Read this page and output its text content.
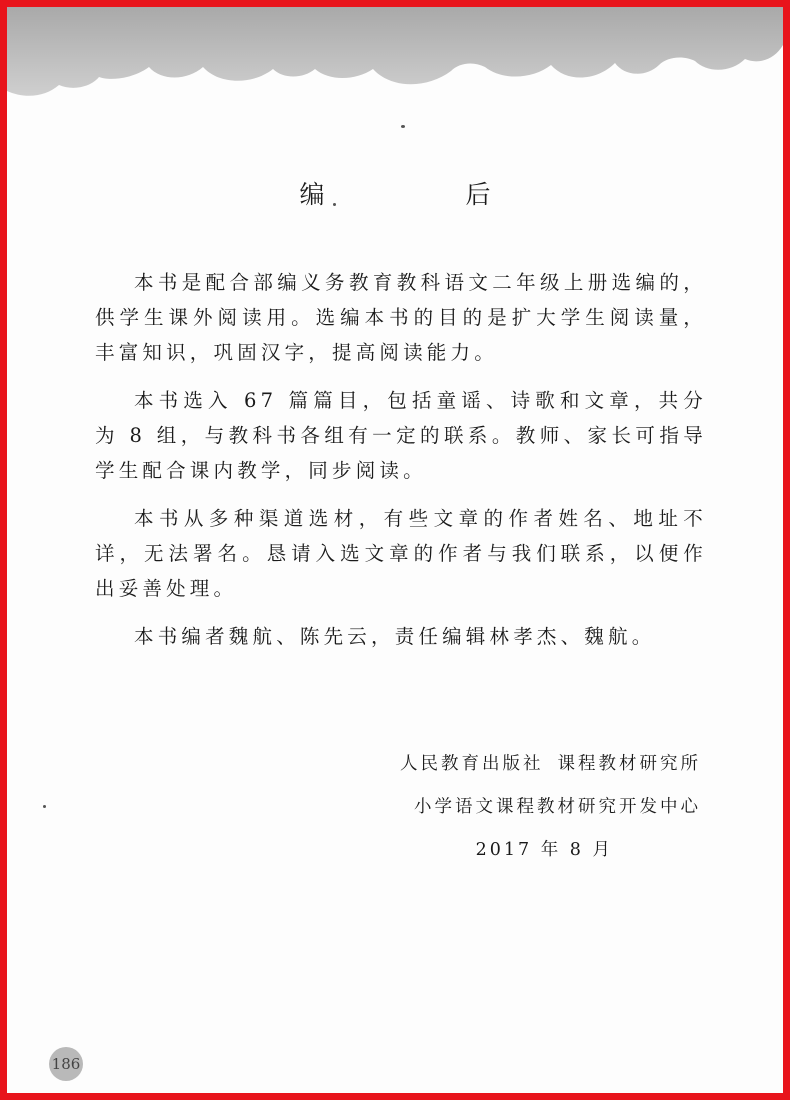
编　后

本书是配合部编义务教育教科语文二年级上册选编的，供学生课外阅读用。选编本书的目的是扩大学生阅读量，丰富知识，巩固汉字，提高阅读能力。

本书选入 67 篇篇目，包括童谣、诗歌和文章，共分为 8 组，与教科书各组有一定的联系。教师、家长可指导学生配合课内教学，同步阅读。

本书从多种渠道选材，有些文章的作者姓名、地址不详，无法署名。恳请入选文章的作者与我们联系，以便作出妥善处理。

本书编者魏航、陈先云，责任编辑林孝杰、魏航。

人民教育出版社 课程教材研究所
小学语文课程教材研究开发中心
2017 年 8 月
186
